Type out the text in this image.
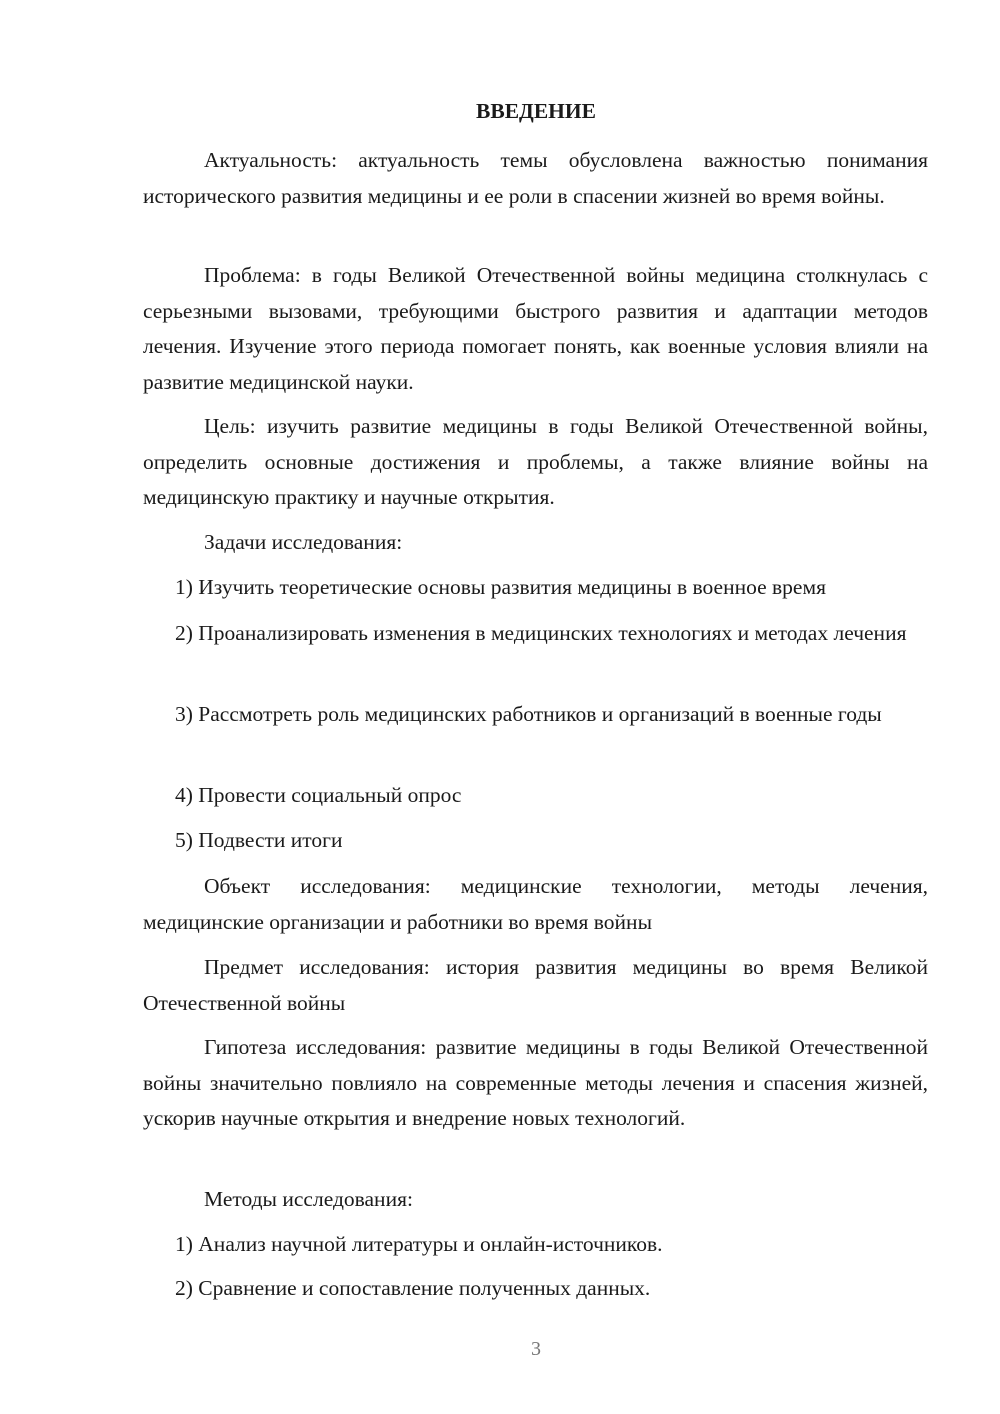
ВВЕДЕНИЕ

Актуальность: актуальность темы обусловлена важностью понимания исторического развития медицины и ее роли в спасении жизней во время войны.

Проблема: в годы Великой Отечественной войны медицина столкнулась с серьезными вызовами, требующими быстрого развития и адаптации методов лечения. Изучение этого периода помогает понять, как военные условия влияли на развитие медицинской науки.

Цель: изучить развитие медицины в годы Великой Отечественной войны, определить основные достижения и проблемы, а также влияние войны на медицинскую практику и научные открытия.

Задачи исследования:

1) Изучить теоретические основы развития медицины в военное время

2) Проанализировать изменения в медицинских технологиях и методах лечения

3) Рассмотреть роль медицинских работников и организаций в военные годы

4) Провести социальный опрос

5) Подвести итоги

Объект исследования: медицинские технологии, методы лечения, медицинские организации и работники во время войны

Предмет исследования: история развития медицины во время Великой Отечественной войны

Гипотеза исследования: развитие медицины в годы Великой Отечественной войны значительно повлияло на современные методы лечения и спасения жизней, ускорив научные открытия и внедрение новых технологий.

Методы исследования:

1) Анализ научной литературы и онлайн-источников.

2) Сравнение и сопоставление полученных данных.

3
